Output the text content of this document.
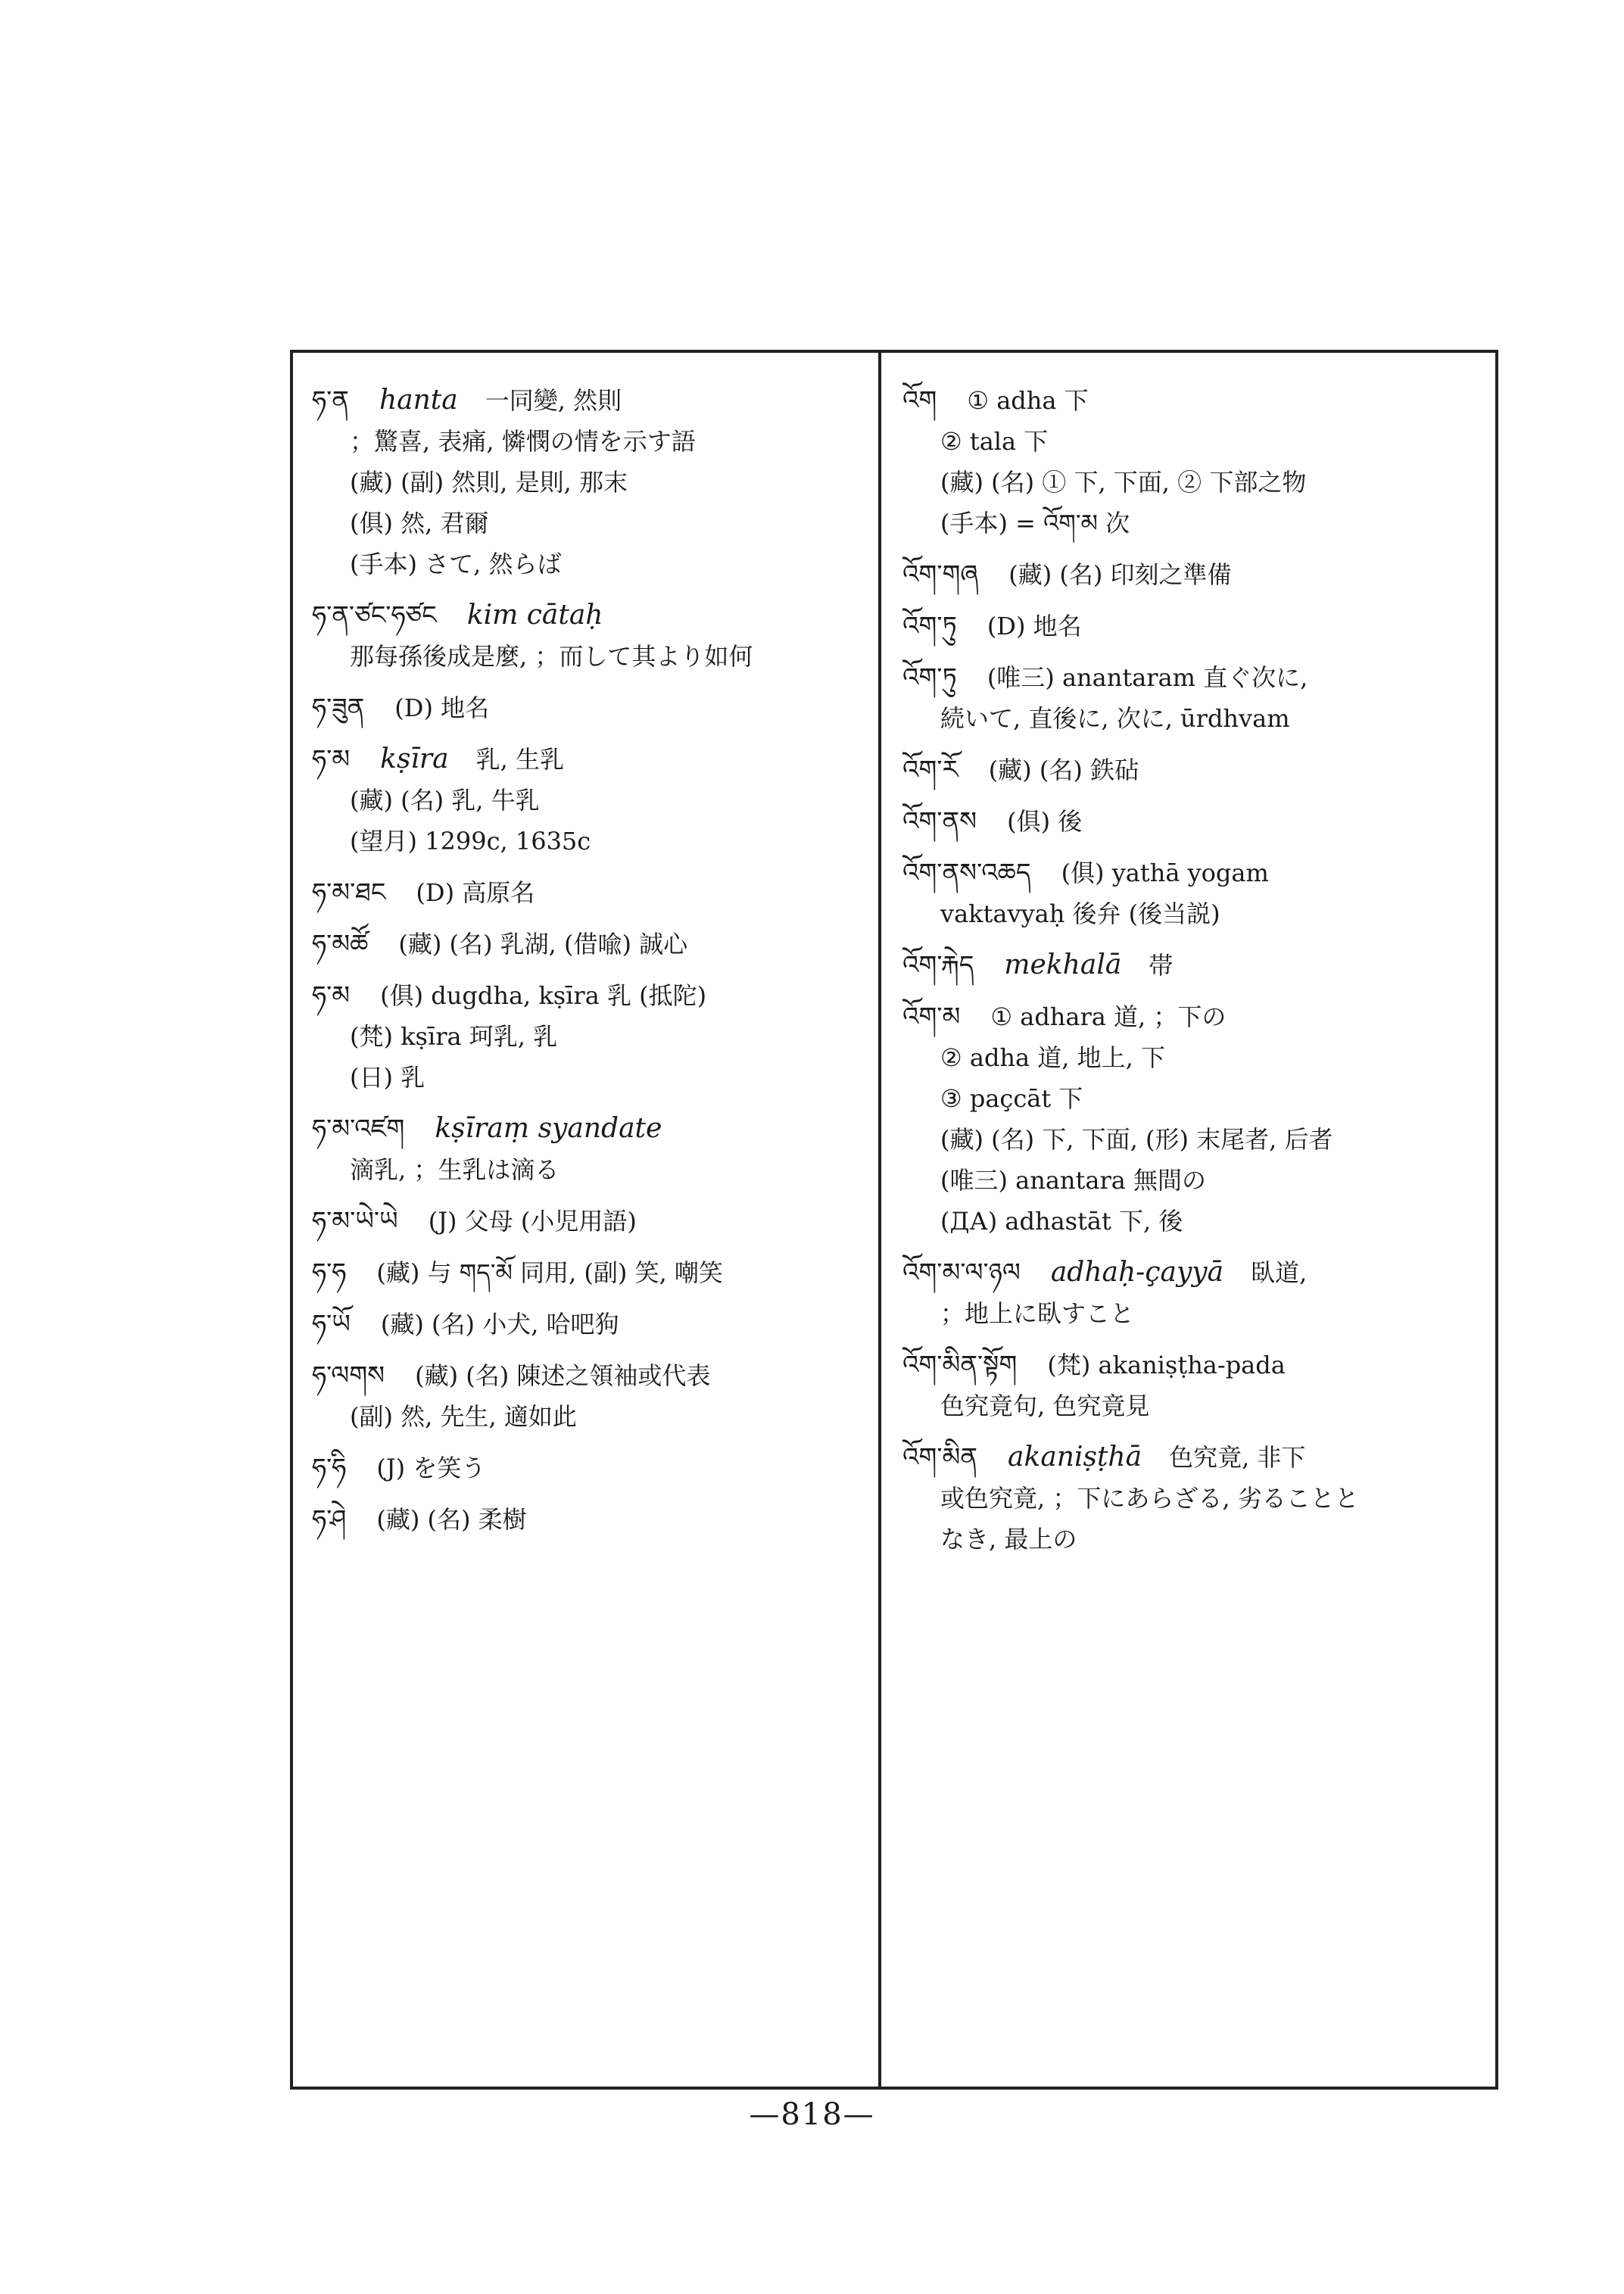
ཧ་ན hanta 一同變, 然則
；驚喜, 表痛, 憐憫の情を示す語
(藏) (副) 然則, 是則, 那末
(俱) 然, 君爾
(手本) さて, 然らば
ཧ་ན་ཙང་ཧཙང kim cātaḥ
那每孫後成是麼, ；而して其より如何
ཧ་ཟུན (D) 地名
ཧ་མ kṣīra 乳, 生乳
(藏) (名) 乳, 牛乳
(望月) 1299c, 1635c
ཧ་མ་ཐང (D) 高原名
ཧ་མཚོ (藏) (名) 乳湖, (借喩) 誠心
ཧ་མ (俱) dugdha, kṣīra 乳 (抵陀)
(梵) kṣīra 珂乳, 乳
(日) 乳
ཧ་མ་འཛག kṣīraṃ syandate
滴乳, ；生乳は滴る
ཧ་མ་ཡེ་ཡེ (J) 父母 (小児用語)
ཧ་ཧ (藏) 与 གད་མོ 同用, (副) 笑, 嘲笑
ཧ་ཡོ (藏) (名) 小犬, 哈吧狗
ཧ་ལགས (藏) (名) 陳述之領袖或代表
(副) 然, 先生, 適如此
ཧ་ཧི (J) を笑う
ཧ་ཤེ (藏) (名) 柔樹
འོག ① adha 下
② tala 下
(藏) (名) ① 下, 下面, ② 下部之物
(手本) = འོག་མ 次
འོག་གཞ (藏) (名) 印刻之準備
འོག་ཏུ (D) 地名
འོག་ཏུ (唯三) anantaram 直ぐ次に,
続いて, 直後に, 次に, ūrdhvam
འོག་རོ (藏) (名) 鉄砧
འོག་ནས (俱) 後
འོག་ནས་འཆད (俱) yathā yogam
vaktavyaḥ 後弁 (後当説)
འོག་རྐེད mekhalā 帯
འོག་མ ① adhara 道, ；下の
② adha 道, 地上, 下
③ paçcāt 下
(藏) (名) 下, 下面, (形) 末尾者, 后者
(唯三) anantara 無間の
(ДА) adhastāt 下, 後
འོག་མ་ལ་ཉལ adhaḥ-çayyā 臥道,
；地上に臥すこと
འོག་མིན་སྟོག (梵) akaniṣṭha-pada
色究竟句, 色究竟見
འོག་མིན akaniṣṭhā 色究竟, 非下
或色究竟, ；下にあらざる, 劣ることと
なき, 最上の
—818—
